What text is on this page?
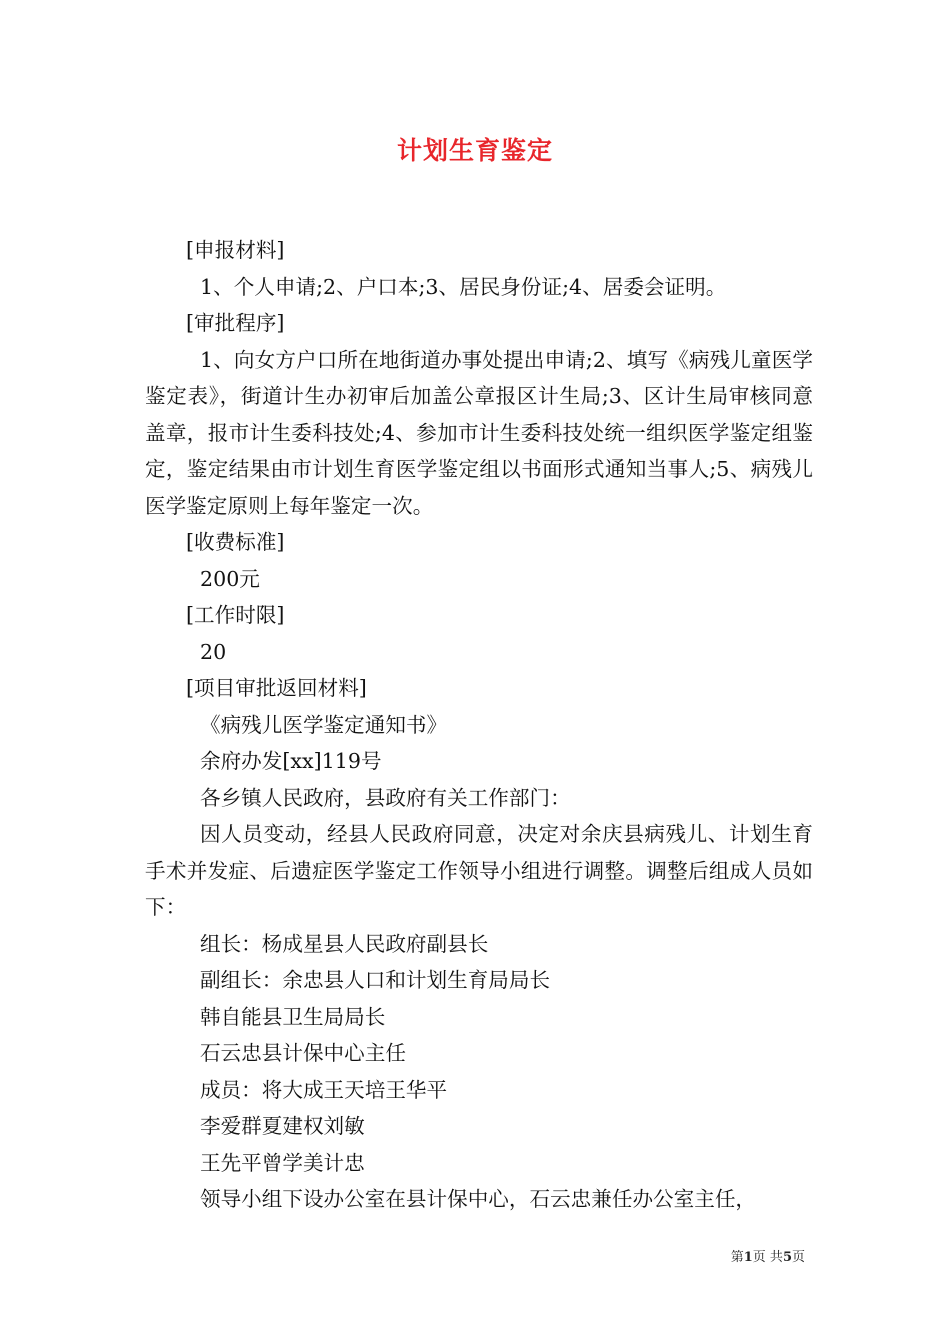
计划生育鉴定
[申报材料]
1、个人申请;2、户口本;3、居民身份证;4、居委会证明。
[审批程序]
1、向女方户口所在地街道办事处提出申请;2、填写《病残儿童医学鉴定表》，街道计生办初审后加盖公章报区计生局;3、区计生局审核同意盖章，报市计生委科技处;4、参加市计生委科技处统一组织医学鉴定组鉴定，鉴定结果由市计划生育医学鉴定组以书面形式通知当事人;5、病残儿医学鉴定原则上每年鉴定一次。
[收费标准]
200元
[工作时限]
20
[项目审批返回材料]
《病残儿医学鉴定通知书》
余府办发[xx]119号
各乡镇人民政府，县政府有关工作部门：
因人员变动，经县人民政府同意，决定对余庆县病残儿、计划生育手术并发症、后遗症医学鉴定工作领导小组进行调整。调整后组成人员如下：
组长：杨成星县人民政府副县长
副组长：余忠县人口和计划生育局局长
韩自能县卫生局局长
石云忠县计保中心主任
成员：将大成王天培王华平
李爱群夏建权刘敏
王先平曾学美计忠
领导小组下设办公室在县计保中心，石云忠兼任办公室主任，
第1页 共5页
